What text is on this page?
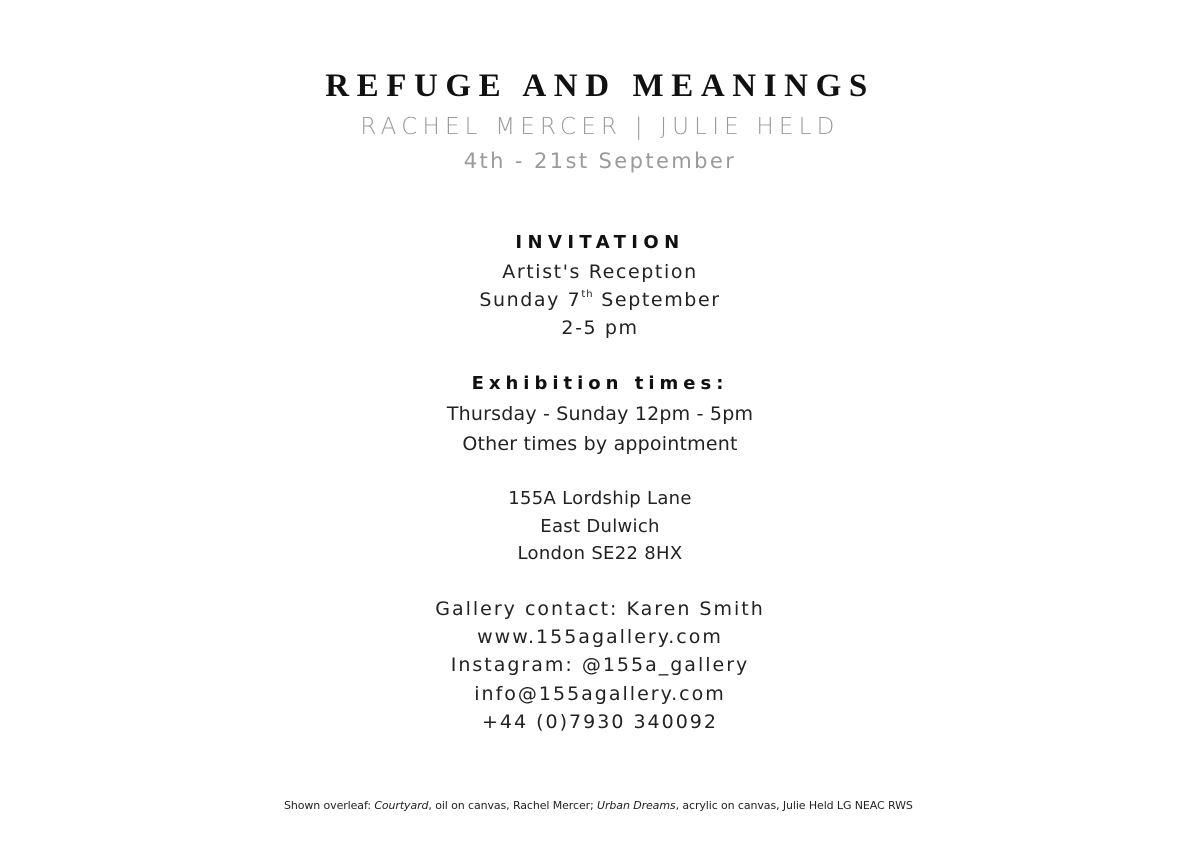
REFUGE AND MEANINGS
RACHEL MERCER | JULIE HELD
4th - 21st September
INVITATION
Artist's Reception
Sunday 7th September
2-5 pm
Exhibition times:
Thursday - Sunday 12pm - 5pm
Other times by appointment
155A Lordship Lane
East Dulwich
London SE22 8HX
Gallery contact: Karen Smith
www.155agallery.com
Instagram: @155a_gallery
info@155agallery.com
+44 (0)7930 340092
Shown overleaf: Courtyard, oil on canvas, Rachel Mercer; Urban Dreams, acrylic on canvas, Julie Held LG NEAC RWS
